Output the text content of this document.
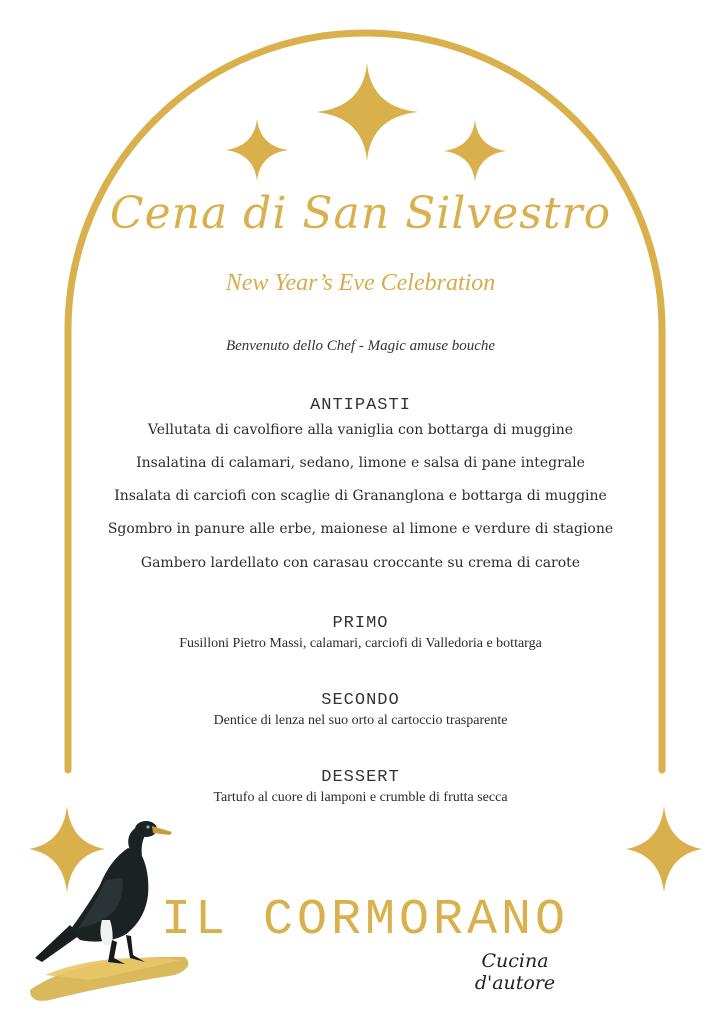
Cena di San Silvestro
New Year’s Eve Celebration
Benvenuto dello Chef - Magic amuse bouche
ANTIPASTI
Vellutata di cavolfiore alla vaniglia con bottarga di muggine
Insalatina di calamari, sedano, limone e salsa di pane integrale
Insalata di carciofi con scaglie di Grananglona e bottarga di muggine
Sgombro in panure alle erbe, maionese al limone e verdure di stagione
Gambero lardellato con carasau croccante su crema di carote
PRIMO
Fusilloni Pietro Massi, calamari, carciofi di Valledoria e bottarga
SECONDO
Dentice di lenza nel suo orto al cartoccio trasparente
DESSERT
Tartufo al cuore di lamponi e crumble di frutta secca
IL CORMORANO
Cucina d'autore
